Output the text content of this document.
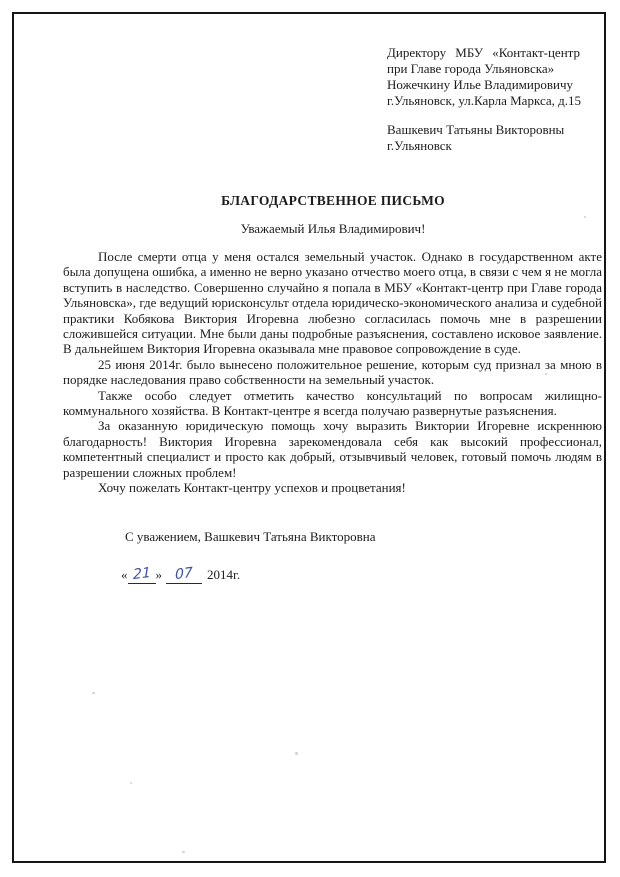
Директору МБУ «Контакт-центр
при Главе города Ульяновска»
Ножечкину Илье Владимировичу
г.Ульяновск, ул.Карла Маркса, д.15
Вашкевич Татьяны Викторовны
г.Ульяновск
БЛАГОДАРСТВЕННОЕ ПИСЬМО
Уважаемый Илья Владимирович!

После смерти отца у меня остался земельный участок. Однако в государственном акте была допущена ошибка, а именно не верно указано отчество моего отца, в связи с чем я не могла вступить в наследство. Совершенно случайно я попала в МБУ «Контакт-центр при Главе города Ульяновска», где ведущий юрисконсульт отдела юридическо-экономического анализа и судебной практики Кобякова Виктория Игоревна любезно согласилась помочь мне в разрешении сложившейся ситуации. Мне были даны подробные разъяснения, составлено исковое заявление. В дальнейшем Виктория Игоревна оказывала мне правовое сопровождение в суде.

25 июня 2014г. было вынесено положительное решение, которым суд признал за мною в порядке наследования право собственности на земельный участок.

Также особо следует отметить качество консультаций по вопросам жилищно-коммунального хозяйства. В Контакт-центре я всегда получаю развернутые разъяснения.

За оказанную юридическую помощь хочу выразить Виктории Игоревне искреннюю благодарность! Виктория Игоревна зарекомендовала себя как высокий профессионал, компетентный специалист и просто как добрый, отзывчивый человек, готовый помочь людям в разрешении сложных проблем!

Хочу пожелать Контакт-центру успехов и процветания!

С уважением, Вашкевич Татьяна Викторовна
« 21 » 07 2014г.
